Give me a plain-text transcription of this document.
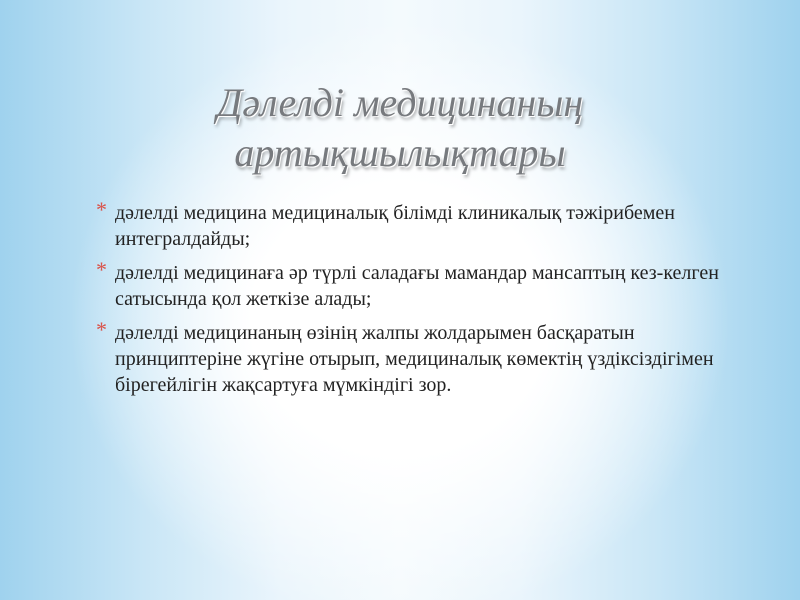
Дәлелді медицинаның
артықшылықтары
* дәлелді медицина медициналық білімді клиникалық тәжірибемен интегралдайды;
* дәлелді медицинаға әр түрлі саладағы мамандар мансаптың кез-келген сатысында қол жеткізе алады;
* дәлелді медицинаның өзінің жалпы жолдарымен басқаратын принциптеріне жүгіне отырып, медициналық көмектің үздіксіздігімен бірегейлігін жақсартуға мүмкіндігі зор.
